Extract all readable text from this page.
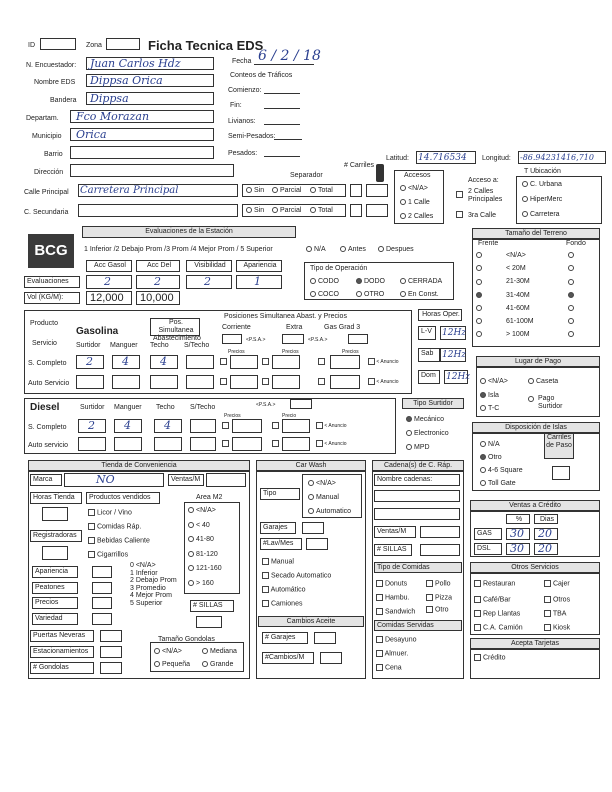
ID	Zona	Ficha Tecnica EDS
N. Encuestador: Juan Carlos Hdz
Nombre EDS Dippsa Orica
Bandera Dippsa
Departam. Fco Morazan
Municipio Orica
Barrio
Dirección
Fecha 6 / 2 / 18
Conteos de Tráficos
Comienzo:
Fin:
Livianos:
Semi-Pesados:
Pesados:
Latitud: 14.716534 Longitud: -86.94231416,710
Separador
# Carriles
Calle Principal Carretera Principal	Sin	Parcial	Total
C. Secundaria	Sin	Parcial	Total
Accesos
<N/A>
1 Calle
2 Calles
Acceso a:
2 Calles Principales
3ra Calle
T Ubicación
C. Urbana
HiperMerc
Carretera
BCG
Evaluaciones de la Estación
1 Inferior /2 Debajo Prom /3 Prom /4 Mejor Prom / 5 Superior	N/A	Antes	Despues
Acc Gasol	Acc Del	Visibilidad	Apariencia
Evaluaciones	2	2	2	1
Vol (KG/M):	12,000 10,000
Tipo de Operación
CODO	DODO	CERRADA
COCO	OTRO	En Const.
Producto
Gasolina
Servicio
Pos. Simultanea Abastecimiento
Posiciones Simultanea Abast. y Precios
Corriente	Extra	Gas Grad 3
<P.S.A.>	<P.S.A.>
Surtidor Manguer Techo S/Techo
Precios	Precios	Precios
S. Completo 2	4	4	< Anuncio
Auto Servicio	< Anuncio
Horas Oper.
L-V	12Hz
Sab 12Hz
Dom	12Hz
Diesel	Surtidor Manguer Techo S/Techo	<P.S.A.>
Precios	Precio
S. Completo 2	4	4	< Anuncio
Auto servicio	< Anuncio
Tipo Surtidor
Mecánico
Electronico
MPD
Tamaño del Terreno
Frente	Fondo
<N/A>
< 20M
21-30M
31-40M
41-60M
61-100M
> 100M
Lugar de Pago
<N/A>	Caseta
Isla	Pago Surtidor
T-C
Disposición de Islas
N/A
Otro
4-6 Square
Toll Gate
Carriles de Paso
Tienda de Conveniencia
Marca	NO	Ventas/M
Horas Tienda	Productos vendidos
Licor / Vino
Comidas Ráp.
Registradoras
Bebidas Caliente
Cigarrillos
Area M2
<N/A>
< 40
41-80
81-120
121-160
> 160
Apariencia
Peatones
Precios
Variedad
0 <N/A>
1 Inferior
2 Debajo Prom
3 Promedio
4 Mejor Prom
5 Superior	# SILLAS
Puertas Neveras
Estacionamientos
# Gondolas
Tamaño Gondolas
<N/A>	Mediana
Pequeña	Grande
Car Wash
Tipo
<N/A>
Manual
Automatico
Garajes
#Lav/Mes
Manual
Secado Automatico
Automático
Camiones
Cambios Aceite
# Garajes
#Cambios/M
Cadena(s) de C. Ráp.
Nombre cadenas:
Ventas/M
# SILLAS
Tipo de Comidas
Donuts	Pollo
Hambu.	Pizza
Sandwich	Otro
Comidas Servidas
Desayuno
Almuer.
Cena
Ventas a Crédito
%	Dias
GAS	30 20
DSL	30 20
Otros Servicios
Restauran	Cajer
Café/Bar	Otros
Rep Llantas	TBA
C.A. Camión	Kiosk
Acepta Tarjetas
Crédito
